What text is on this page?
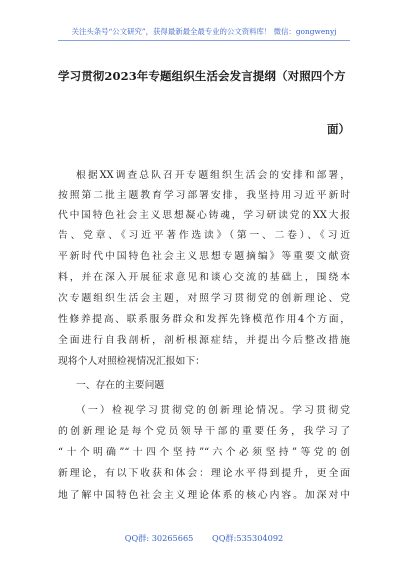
关注头条号“公文研究”，获得最新最全最专业的公文资料库！ 微信：gongwenyj
学习贯彻2023年专题组织生活会发言提纲（对照四个方
面）
根据XX调查总队召开专题组织生活会的安排和部署，
按照第二批主题教育学习部署安排，我坚持用习近平新时
代中国特色社会主义思想凝心铸魂，学习研读党的XX大报
告、党章、《习近平著作选读》（第一、二卷）、《习近
平新时代中国特色社会主义思想专题摘编》等重要文献资
料，并在深入开展征求意见和谈心交流的基础上，围绕本
次专题组织生活会主题，对照学习贯彻党的创新理论、党
性修养提高、联系服务群众和发挥先锋模范作用4个方面，
全面进行自我剖析，剖析根源症结，并提出今后整改措施
现将个人对照检视情况汇报如下：
一、存在的主要问题
（一）检视学习贯彻党的创新理论情况。学习贯彻党
的创新理论是每个党员领导干部的重要任务，我学习了
“十个明确”“十四个坚持”“六个必须坚持”等党的创
新理论，有以下收获和体会：理论水平得到提升，更全面
地了解中国特色社会主义理论体系的核心内容。加深对中
QQ群: 30265665 QQ群:535304092
